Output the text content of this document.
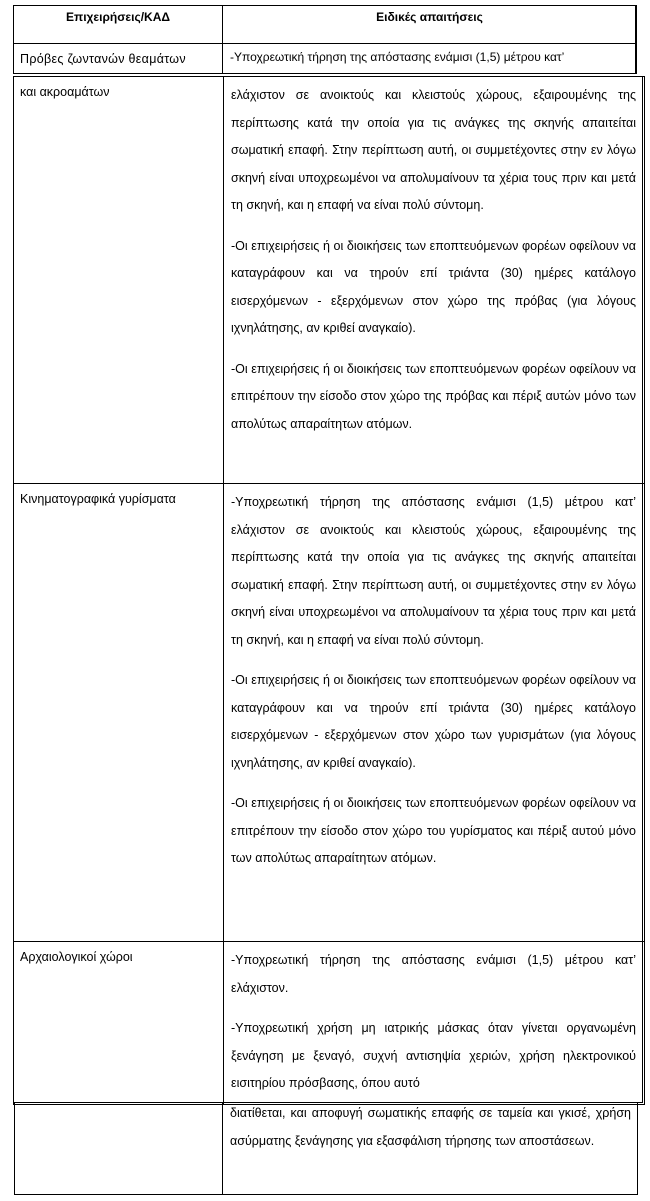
Επιχειρήσεις/ΚΑΔ	Ειδικές απαιτήσεις
Πρόβες ζωντανών θεαμάτων	-Υποχρεωτική τήρηση της απόστασης ενάμισι (1,5) μέτρου κατ’
και ακροαμάτων	ελάχιστον σε ανοικτούς και κλειστούς χώρους, εξαιρουμένης της περίπτωσης κατά την οποία για τις ανάγκες της σκηνής απαιτείται σωματική επαφή. Στην περίπτωση αυτή, οι συμμετέχοντες στην εν λόγω σκηνή είναι υποχρεωμένοι να απολυμαίνουν τα χέρια τους πριν και μετά τη σκηνή, και η επαφή να είναι πολύ σύντομη.

-Οι επιχειρήσεις ή οι διοικήσεις των εποπτευόμενων φορέων οφείλουν να καταγράφουν και να τηρούν επί τριάντα (30) ημέρες κατάλογο εισερχόμενων - εξερχόμενων στον χώρο της πρόβας (για λόγους ιχνηλάτησης, αν κριθεί αναγκαίο).

-Οι επιχειρήσεις ή οι διοικήσεις των εποπτευόμενων φορέων οφείλουν να επιτρέπουν την είσοδο στον χώρο της πρόβας και πέριξ αυτών μόνο των απολύτως απαραίτητων ατόμων.

Κινηματογραφικά γυρίσματα	-Υποχρεωτική τήρηση της απόστασης ενάμισι (1,5) μέτρου κατ’ ελάχιστον σε ανοικτούς και κλειστούς χώρους, εξαιρουμένης της περίπτωσης κατά την οποία για τις ανάγκες της σκηνής απαιτείται σωματική επαφή. Στην περίπτωση αυτή, οι συμμετέχοντες στην εν λόγω σκηνή είναι υποχρεωμένοι να απολυμαίνουν τα χέρια τους πριν και μετά τη σκηνή, και η επαφή να είναι πολύ σύντομη.

-Οι επιχειρήσεις ή οι διοικήσεις των εποπτευόμενων φορέων οφείλουν να καταγράφουν και να τηρούν επί τριάντα (30) ημέρες κατάλογο εισερχόμενων - εξερχόμενων στον χώρο των γυρισμάτων (για λόγους ιχνηλάτησης, αν κριθεί αναγκαίο).

-Οι επιχειρήσεις ή οι διοικήσεις των εποπτευόμενων φορέων οφείλουν να επιτρέπουν την είσοδο στον χώρο του γυρίσματος και πέριξ αυτού μόνο των απολύτως απαραίτητων ατόμων.

Αρχαιολογικοί χώροι	-Υποχρεωτική τήρηση της απόστασης ενάμισι (1,5) μέτρου κατ’ ελάχιστον.

-Υποχρεωτική χρήση μη ιατρικής μάσκας όταν γίνεται οργανωμένη ξενάγηση με ξεναγό, συχνή αντισηψία χεριών, χρήση ηλεκτρονικού εισιτηρίου πρόσβασης, όπου αυτό

διατίθεται, και αποφυγή σωματικής επαφής σε ταμεία και γκισέ, χρήση ασύρματης ξενάγησης για εξασφάλιση τήρησης των αποστάσεων.
